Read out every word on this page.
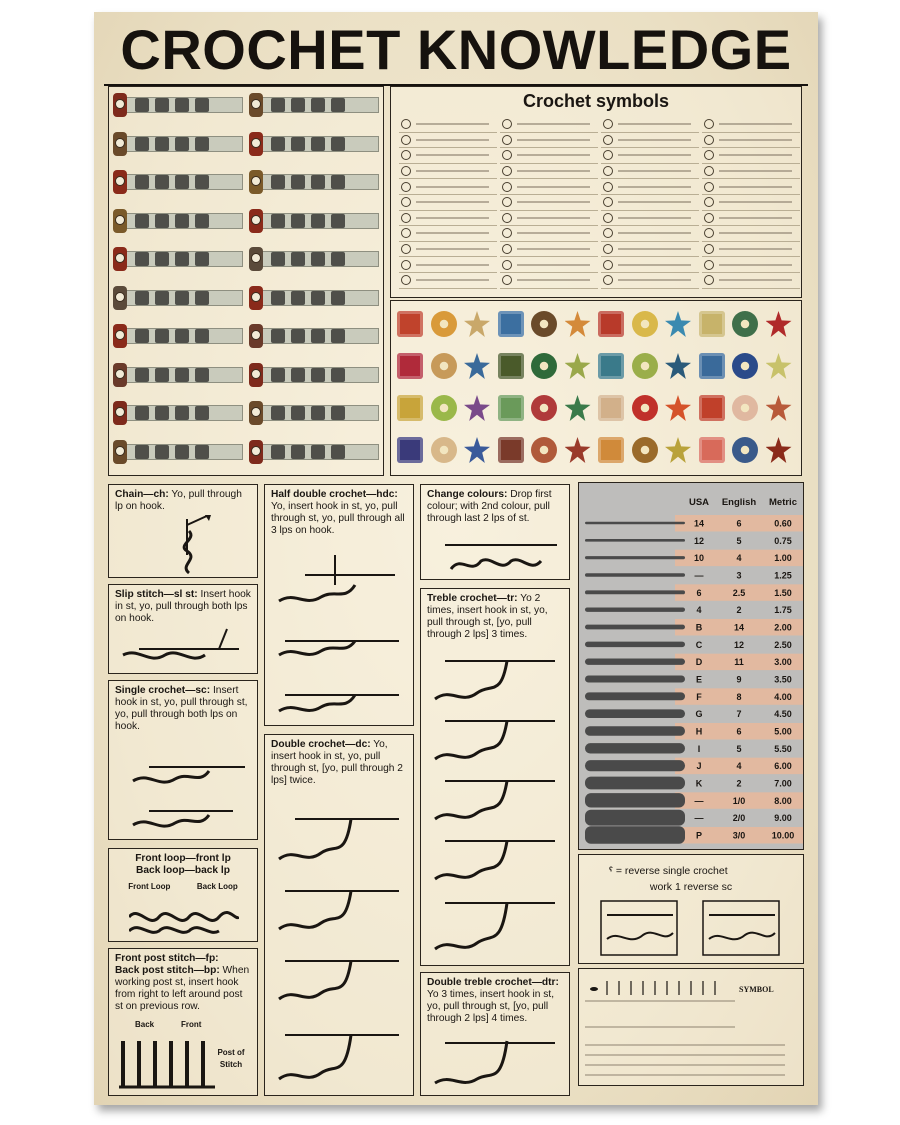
CROCHET KNOWLEDGE
Crochet symbols
Chain—ch: Yo, pull through lp on hook.
Slip stitch—sl st: Insert hook in st, yo, pull through both lps on hook.
Single crochet—sc: Insert hook in st, yo, pull through st, yo, pull through both lps on hook.
Front loop—front lp
Back loop—back lp
Front Loop	Back Loop
Front post stitch—fp:
Back post stitch—bp: When working post st, insert hook from right to left around post st on previous row.
Back	Front
Post of Stitch
Half double crochet—hdc: Yo, insert hook in st, yo, pull through st, yo, pull through all 3 lps on hook.
Double crochet—dc: Yo, insert hook in st, yo, pull through st, [yo, pull through 2 lps] twice.
Change colours: Drop first colour; with 2nd colour, pull through last 2 lps of st.
Treble crochet—tr: Yo 2 times, insert hook in st, yo, pull through st, [yo, pull through 2 lps] 3 times.
Double treble crochet—dtr: Yo 3 times, insert hook in st, yo, pull through st, [yo, pull through 2 lps] 4 times.
USA English Metric
14	6	0.60
12	5	0.75
10	4	1.00
—	3	1.25
6	2.5	1.50
4	2	1.75
B	14	2.00
C	12	2.50
D	11	3.00
E	9	3.50
F	8	4.00
G	7	4.50
H	6	5.00
I	5	5.50
J	4	6.00
K	2	7.00
—	1/0	8.00
—	2/0	9.00
P	3/0	10.00
ˤ = reverse single crochet
work 1 reverse sc
SYMBOL
